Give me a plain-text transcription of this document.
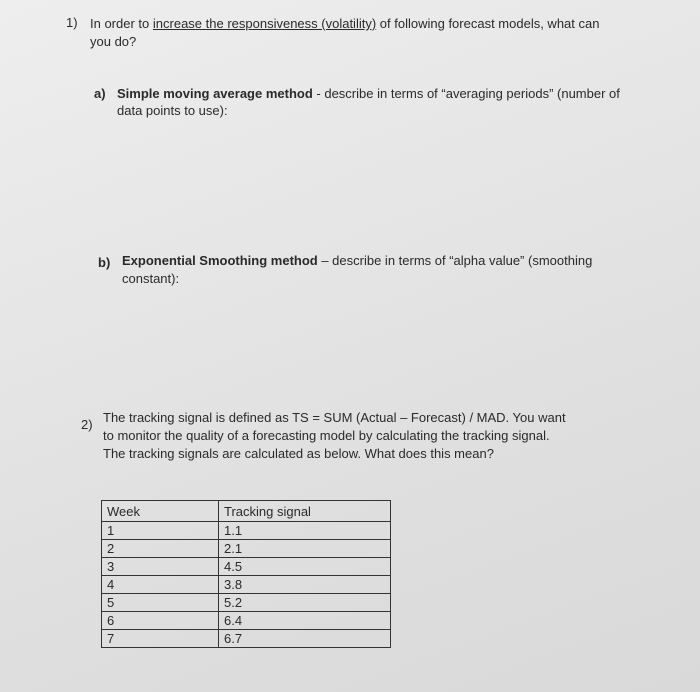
1) In order to increase the responsiveness (volatility) of following forecast models, what can
you do?
a) Simple moving average method - describe in terms of “averaging periods” (number of
data points to use):
b) Exponential Smoothing method – describe in terms of “alpha value” (smoothing
constant):
2) The tracking signal is defined as TS = SUM (Actual – Forecast) / MAD. You want
to monitor the quality of a forecasting model by calculating the tracking signal.
The tracking signals are calculated as below. What does this mean?
Week	Tracking signal
1	1.1
2	2.1
3	4.5
4	3.8
5	5.2
6	6.4
7	6.7
